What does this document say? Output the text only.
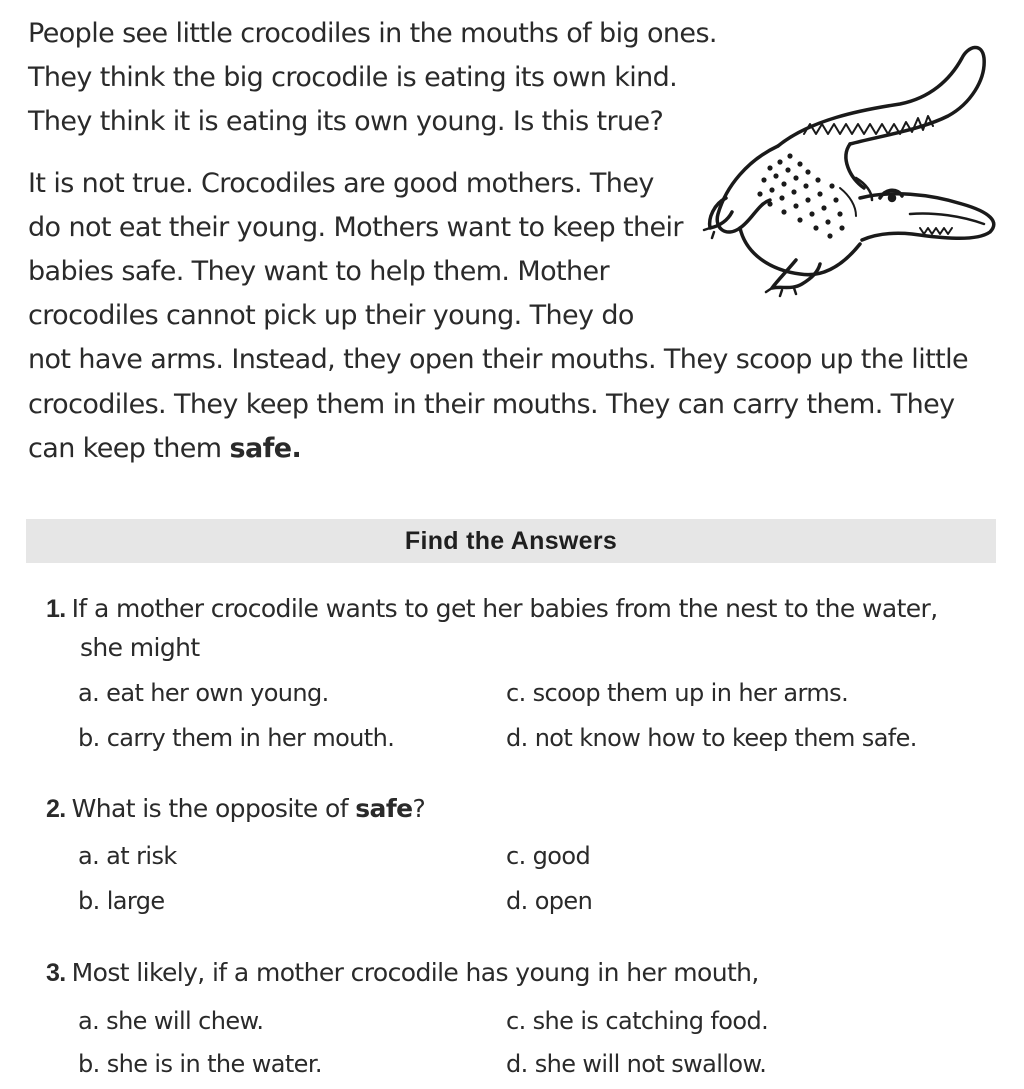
People see little crocodiles in the mouths of big ones.
They think the big crocodile is eating its own kind.
They think it is eating its own young. Is this true?
It is not true. Crocodiles are good mothers. They
do not eat their young. Mothers want to keep their
babies safe. They want to help them. Mother
crocodiles cannot pick up their young. They do
not have arms. Instead, they open their mouths. They scoop up the little
crocodiles. They keep them in their mouths. They can carry them. They
can keep them safe.
Find the Answers
1. If a mother crocodile wants to get her babies from the nest to the water,
she might
a. eat her own young.	c. scoop them up in her arms.
b. carry them in her mouth.	d. not know how to keep them safe.
2. What is the opposite of safe?
a. at risk	c. good
b. large	d. open
3. Most likely, if a mother crocodile has young in her mouth,
a. she will chew.	c. she is catching food.
b. she is in the water.	d. she will not swallow.
